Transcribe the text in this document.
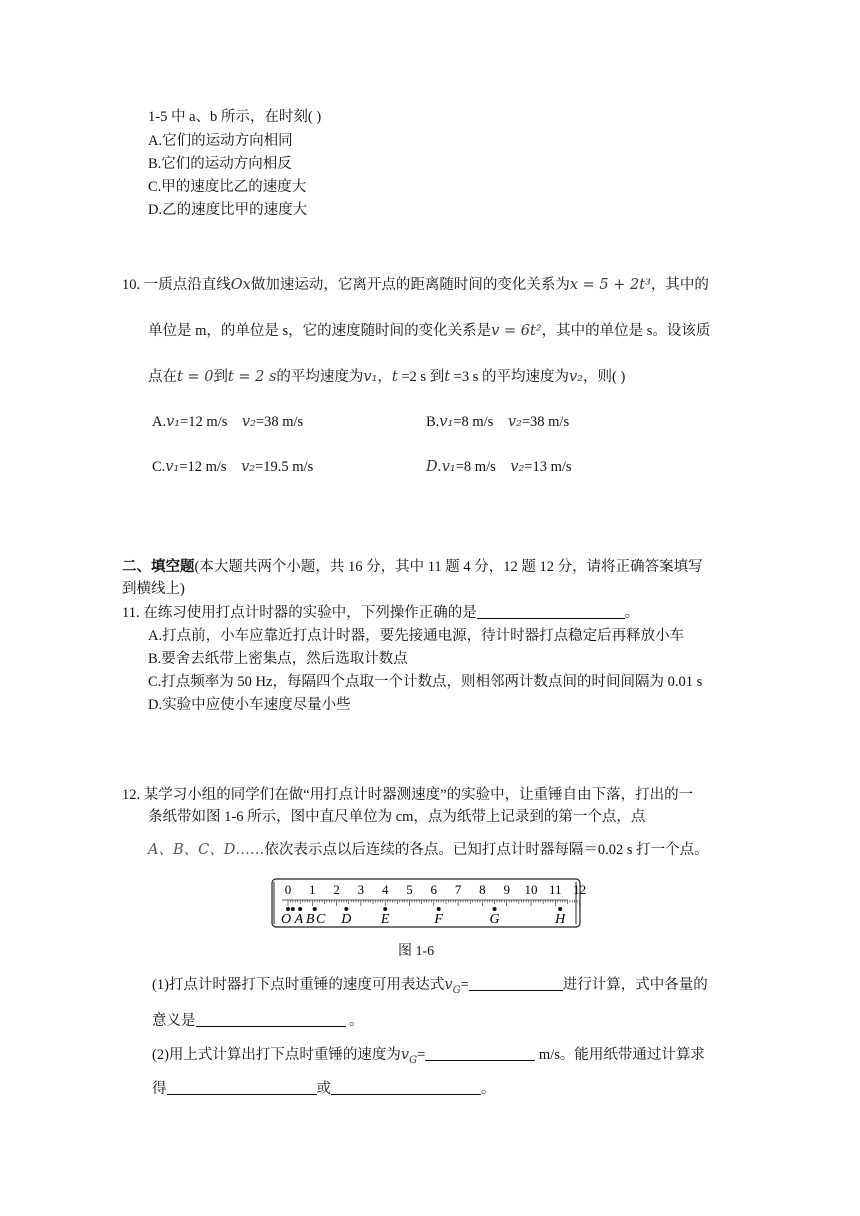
1-5 中 a、b 所示，在时刻( )
A.它们的运动方向相同
B.它们的运动方向相反
C.甲的速度比乙的速度大
D.乙的速度比甲的速度大
10. 一质点沿直线Ox做加速运动，它离开点的距离随时间的变化关系为x = 5 + 2t³，其中的
单位是 m，的单位是 s，它的速度随时间的变化关系是v = 6t²，其中的单位是 s。设该质
点在t = 0到t = 2 s的平均速度为v₁，t =2 s 到t =3 s 的平均速度为v₂，则( )
A.v₁=12 m/s v₂=38 m/s	B.v₁=8 m/s v₂=38 m/s
C.v₁=12 m/s v₂=19.5 m/s	D.v₁=8 m/s v₂=13 m/s
二、填空题(本大题共两个小题，共 16 分，其中 11 题 4 分，12 题 12 分，请将正确答案填写
到横线上)
11. 在练习使用打点计时器的实验中，下列操作正确的是	。
A.打点前，小车应靠近打点计时器，要先接通电源，待计时器打点稳定后再释放小车
B.要舍去纸带上密集点，然后选取计数点
C.打点频率为 50 Hz，每隔四个点取一个计数点，则相邻两计数点间的时间间隔为 0.01 s
D.实验中应使小车速度尽量小些
12. 某学习小组的同学们在做“用打点计时器测速度”的实验中，让重锤自由下落，打出的一
条纸带如图 1-6 所示，图中直尺单位为 cm，点为纸带上记录到的第一个点，点
A、B、C、D……依次表示点以后连续的各点。已知打点计时器每隔＝0.02 s 打一个点。
0 1 2 3 4 5 6 7 8 9 10 11 12
O A B C D E	F	G	H
图 1-6
(1)打点计时器打下点时重锤的速度可用表达式$v_G=$	进行计算，式中各量的
意义是	。
(2)用上式计算出打下点时重锤的速度为$v_G=$	m/s。能用纸带通过计算求
得	或	。
